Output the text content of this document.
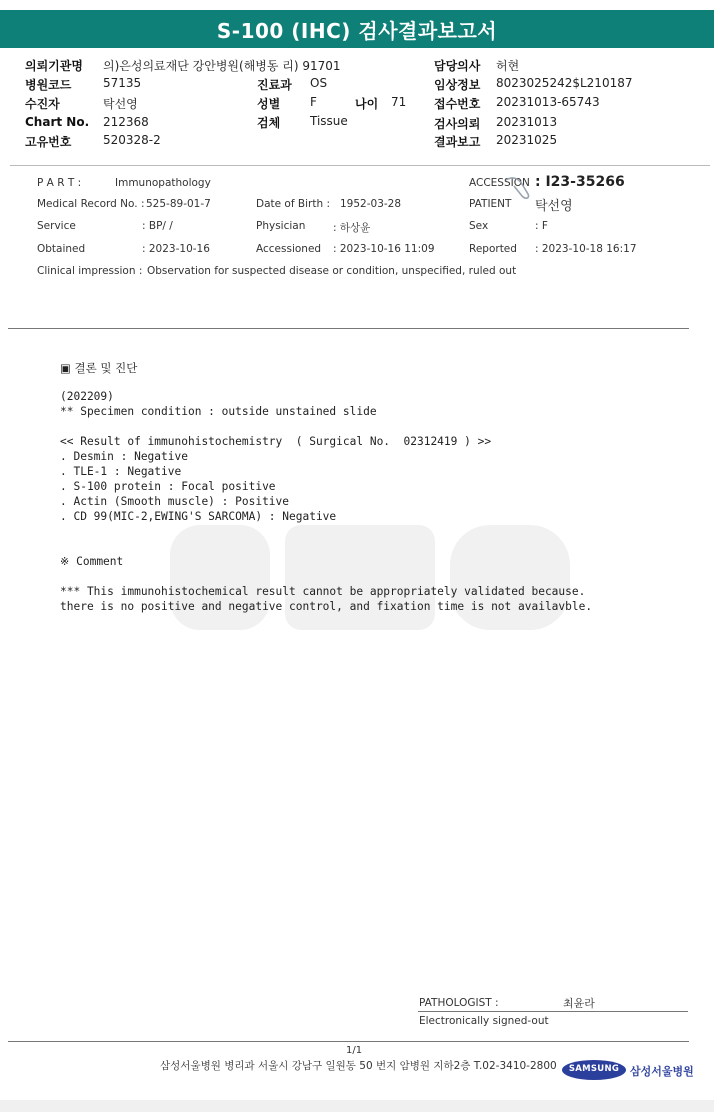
S-100 (IHC) 검사결과보고서
의뢰기관명 의)은성의료재단 강안병원(해병동 리) 91701
병원코드	57135
수진자	탁선영
Chart No. 212368
고유번호	520328-2
진료과 OS
성별 F	나이 71
검체 Tissue
담당의사 허현
임상정보 8023025242$L210187
접수번호 20231013-65743
검사의뢰 20231013
결과보고 20231025
P A R T :	Immunopathology
Medical Record No. : 525-89-01-7
Service	: BP/ /
Obtained	: 2023-10-16
Clinical impression : Observation for suspected disease or condition, unspecified, ruled out
Date of Birth : 1952-03-28
Physician	: 하상윤
Accessioned : 2023-10-16 11:09
ACCESSION : I23-35266
PATIENT 탁선영
Sex	: F
Reported : 2023-10-18 16:17
▣ 결론 및 진단
(202209)
** Specimen condition : outside unstained slide
<< Result of immunohistochemistry  ( Surgical No.  02312419 ) >>
. Desmin : Negative
. TLE-1 : Negative
. S-100 protein : Focal positive
. Actin (Smooth muscle) : Positive
. CD 99(MIC-2,EWING'S SARCOMA) : Negative
※ Comment
*** This immunohistochemical result cannot be appropriately validated because.
there is no positive and negative control, and fixation time is not availavble.
PATHOLOGIST :	최윤라
Electronically signed-out
1/1
삼성서울병원 병리과 서울시 강남구 일원동 50 번지 암병원 지하2층 T.02-3410-2800	SAMSUNG 삼성서울병원
